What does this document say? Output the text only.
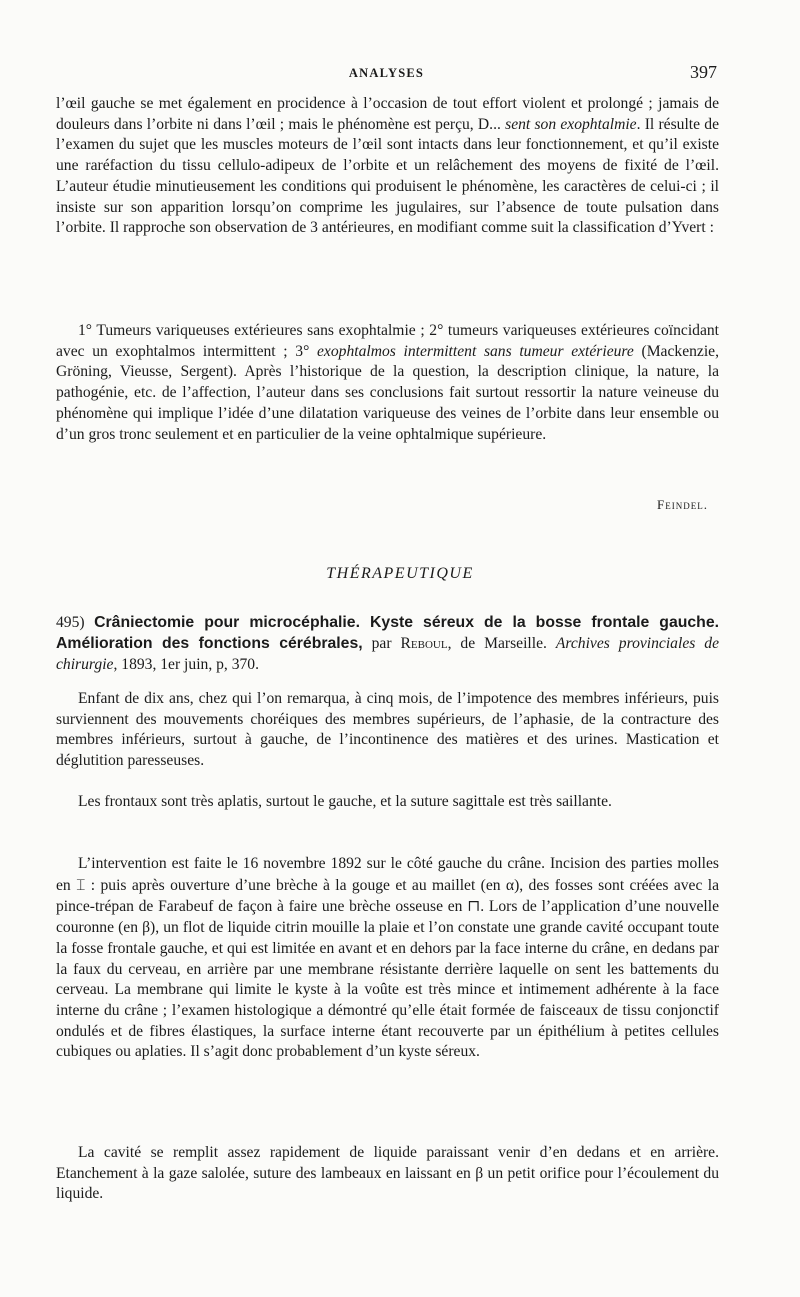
ANALYSES	397

l’œil gauche se met également en procidence à l’occasion de tout effort violent et prolongé ; jamais de douleurs dans l’orbite ni dans l’œil ; mais le phénomène est perçu, D... sent son exophtalmie. Il résulte de l’examen du sujet que les muscles moteurs de l’œil sont intacts dans leur fonctionnement, et qu’il existe une raréfaction du tissu cellulo-adipeux de l’orbite et un relâchement des moyens de fixité de l’œil. L’auteur étudie minutieusement les conditions qui produisent le phénomène, les caractères de celui-ci ; il insiste sur son apparition lorsqu’on comprime les jugulaires, sur l’absence de toute pulsation dans l’orbite. Il rapproche son observation de 3 antérieures, en modifiant comme suit la classification d’Yvert :

1° Tumeurs variqueuses extérieures sans exophtalmie ; 2° tumeurs variqueuses extérieures coïncidant avec un exophtalmos intermittent ; 3° exophtalmos intermittent sans tumeur extérieure (Mackenzie, Gröning, Vieusse, Sergent). Après l’historique de la question, la description clinique, la nature, la pathogénie, etc. de l’affection, l’auteur dans ses conclusions fait surtout ressortir la nature veineuse du phénomène qui implique l’idée d’une dilatation variqueuse des veines de l’orbite dans leur ensemble ou d’un gros tronc seulement et en particulier de la veine ophtalmique supérieure.

Feindel.
THÉRAPEUTIQUE

495) Crâniectomie pour microcéphalie. Kyste séreux de la bosse frontale gauche. Amélioration des fonctions cérébrales, par Reboul, de Marseille. Archives provinciales de chirurgie, 1893, 1er juin, p, 370.

Enfant de dix ans, chez qui l’on remarqua, à cinq mois, de l’impotence des membres inférieurs, puis surviennent des mouvements choréiques des membres supérieurs, de l’aphasie, de la contracture des membres inférieurs, surtout à gauche, de l’incontinence des matières et des urines. Mastication et déglutition paresseuses.

Les frontaux sont très aplatis, surtout le gauche, et la suture sagittale est très saillante.

L’intervention est faite le 16 novembre 1892 sur le côté gauche du crâne. Incision des parties molles en ⌶ : puis après ouverture d’une brèche à la gouge et au maillet (en α), des fosses sont créées avec la pince-trépan de Farabeuf de façon à faire une brèche osseuse en ⊓. Lors de l’application d’une nouvelle couronne (en β), un flot de liquide citrin mouille la plaie et l’on constate une grande cavité occupant toute la fosse frontale gauche, et qui est limitée en avant et en dehors par la face interne du crâne, en dedans par la faux du cerveau, en arrière par une membrane résistante derrière laquelle on sent les battements du cerveau. La membrane qui limite le kyste à la voûte est très mince et intimement adhérente à la face interne du crâne ; l’examen histologique a démontré qu’elle était formée de faisceaux de tissu conjonctif ondulés et de fibres élastiques, la surface interne étant recouverte par un épithélium à petites cellules cubiques ou aplaties. Il s’agit donc probablement d’un kyste séreux.

La cavité se remplit assez rapidement de liquide paraissant venir d’en dedans et en arrière. Etanchement à la gaze salolée, suture des lambeaux en laissant en β un petit orifice pour l’écoulement du liquide.
